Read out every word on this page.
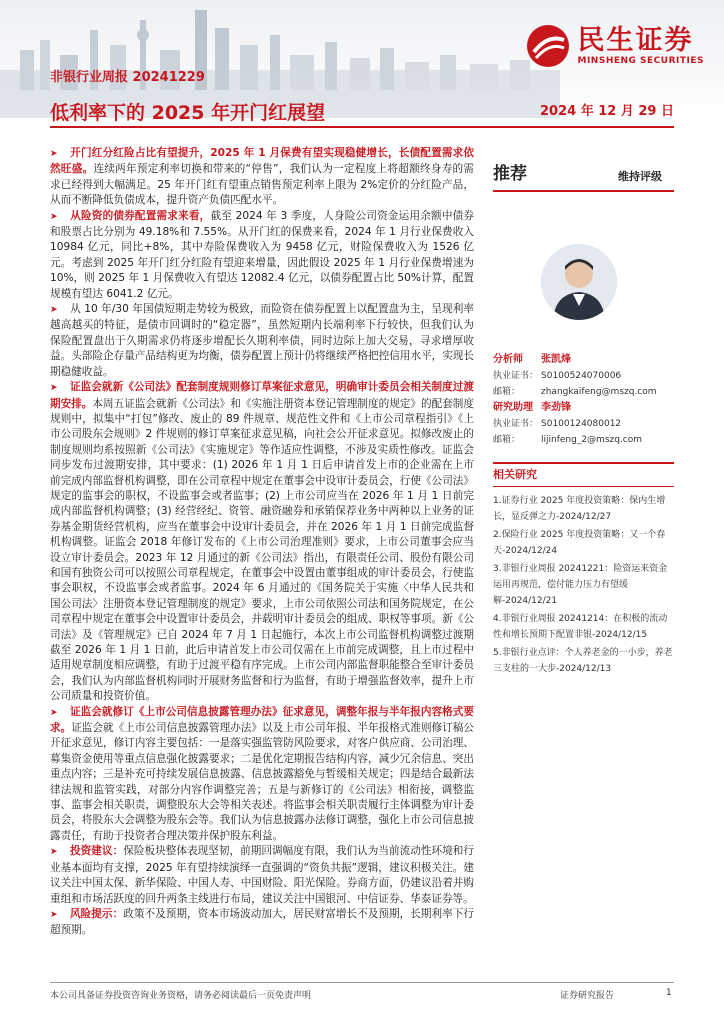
民生证券
MINSHENG SECURITIES
非银行业周报 20241229
低利率下的 2025 年开门红展望	2024 年 12 月 29 日

➤ 开门红分红险占比有望提升，2025 年 1 月保费有望实现稳健增长，长债配置需求依然旺盛。连续两年预定利率切换和带来的“停售”，我们认为一定程度上将超额终身寿的需求已经得到大幅满足。25 年开门红有望重点销售预定利率上限为 2%定价的分红险产品，从而不断降低负债成本，提升资产负债匹配水平。

➤ 从险资的债券配置需求来看，截至 2024 年 3 季度，人身险公司资金运用余额中债券和股票占比分别为 49.18%和 7.55%。从开门红的保费来看，2024 年 1 月行业保费收入 10984 亿元，同比+8%，其中寿险保费收入为 9458 亿元，财险保费收入为 1526 亿元。考虑到 2025 年开门红分红险有望迎来增量，因此假设 2025 年 1 月行业保费增速为 10%，则 2025 年 1 月保费收入有望达 12082.4 亿元，以债券配置占比 50%计算，配置规模有望达 6041.2 亿元。

➤ 从 10 年/30 年国债短期走势较为极致，而险资在债券配置上以配置盘为主，呈现利率越高越买的特征，是债市回调时的“稳定器”，虽然短期内长端利率下行较快，但我们认为保险配置盘出于久期需求仍将逐步增配长久期利率债，同时边际上加大交易，寻求增厚收益。头部险企存量产品结构更为均衡，债券配置上预计仍将继续严格把控信用水平，实现长期稳健收益。

➤ 证监会就新《公司法》配套制度规则修订草案征求意见，明确审计委员会相关制度过渡期安排。本周五证监会就新《公司法》和《实施注册资本登记管理制度的规定》的配套制度规则中，拟集中“打包”修改、废止的 89 件规章、规范性文件和《上市公司章程指引》《上市公司股东会规则》2 件规则的修订草案征求意见稿，向社会公开征求意见。拟修改废止的制度规则均系按照新《公司法》《实施规定》等作适应性调整，不涉及实质性修改。证监会同步发布过渡期安排，其中要求：(1) 2026 年 1 月 1 日后申请首发上市的企业需在上市前完成内部监督机构调整，即在公司章程中规定在董事会中设审计委员会，行使《公司法》规定的监事会的职权，不设监事会或者监事；(2) 上市公司应当在 2026 年 1 月 1 日前完成内部监督机构调整；(3) 经营经纪、资管、融资融券和承销保荐业务中两种以上业务的证券基金期货经营机构，应当在董事会中设审计委员会，并在 2026 年 1 月 1 日前完成监督机构调整。证监会 2018 年修订发布的《上市公司治理准则》要求，上市公司董事会应当设立审计委员会。2023 年 12 月通过的新《公司法》指出，有限责任公司、股份有限公司和国有独资公司可以按照公司章程规定，在董事会中设置由董事组成的审计委员会，行使监事会职权，不设监事会或者监事。2024 年 6 月通过的《国务院关于实施〈中华人民共和国公司法〉注册资本登记管理制度的规定》要求，上市公司依照公司法和国务院规定，在公司章程中规定在董事会中设置审计委员会，并载明审计委员会的组成、职权等事项。新《公司法》及《管理规定》已自 2024 年 7 月 1 日起施行，本次上市公司监督机构调整过渡期截至 2026 年 1 月 1 日前，此后申请首发上市公司仅需在上市前完成调整，且上市过程中适用规章制度相应调整，有助于过渡平稳有序完成。上市公司内部监督职能整合至审计委员会，我们认为内部监督机构同时开展财务监督和行为监督，有助于增强监督效率，提升上市公司质量和投资价值。

➤ 证监会就修订《上市公司信息披露管理办法》征求意见，调整年报与半年报内容格式要求。证监会就《上市公司信息披露管理办法》以及上市公司年报、半年报格式准则修订稿公开征求意见，修订内容主要包括：一是落实强监管防风险要求，对客户供应商、公司治理、募集资金使用等重点信息强化披露要求；二是优化定期报告结构内容，减少冗余信息、突出重点内容；三是补充可持续发展信息披露、信息披露豁免与暂缓相关规定；四是结合最新法律法规和监管实践，对部分内容作调整完善；五是与新修订的《公司法》相衔接，调整监事、监事会相关职责，调整股东大会等相关表述。将监事会相关职责履行主体调整为审计委员会，将股东大会调整为股东会等。我们认为信息披露办法修订调整，强化上市公司信息披露责任，有助于投资者合理决策并保护股东利益。

➤ 投资建议：保险板块整体表现坚韧，前期回调幅度有限，我们认为当前流动性环境和行业基本面均有支撑，2025 年有望持续演绎一直强调的“资负共振”逻辑，建议积极关注。建议关注中国太保、新华保险、中国人寿、中国财险、阳光保险。券商方面，仍建议沿着并购重组和市场活跃度的回升两条主线进行布局，建议关注中国银河、中信证券、华泰证券等。

➤ 风险提示：政策不及预期，资本市场波动加大，居民财富增长不及预期，长期利率下行超预期。

推荐	维持评级
分析师	张凯烽
执业证书： S0100524070006
邮箱：	zhangkaifeng@mszq.com
研究助理 李劲锋
执业证书： S0100124080012
邮箱：	lijinfeng_2@mszq.com
相关研究
1.证券行业 2025 年度投资策略：保内生增长，显反弹之力-2024/12/27
2.保险行业 2025 年度投资策略：又一个春天-2024/12/24
3.非银行业周报 20241221：险资运来资金运用再规范，偿付能力压力有望缓解-2024/12/21
4.非银行业周报 20241214：在积极的流动性和增长预期下配置非银-2024/12/15
5.非银行业点评：个人养老金的一小步，养老三支柱的一大步-2024/12/13
本公司具备证券投资咨询业务资格，请务必阅读最后一页免责声明	证券研究报告	1
